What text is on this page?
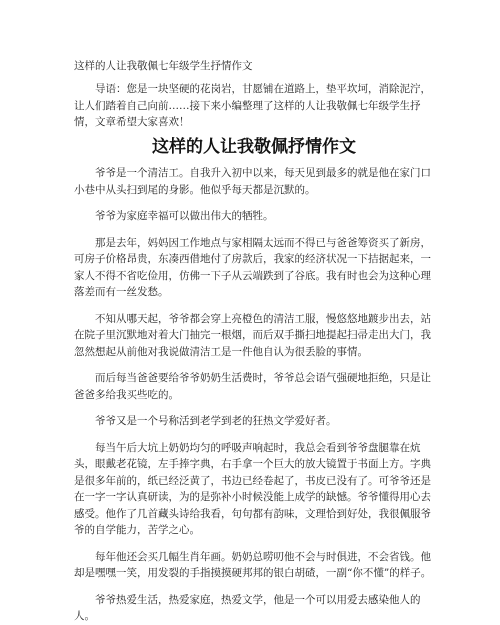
这样的人让我敬佩七年级学生抒情作文

导语：您是一块坚硬的花岗岩，甘愿铺在道路上，垫平坎坷，消除泥泞，让人们踏着自己向前……接下来小编整理了这样的人让我敬佩七年级学生抒情，文章希望大家喜欢！

这样的人让我敬佩抒情作文

爷爷是一个清洁工。自我升入初中以来，每天见到最多的就是他在家门口小巷中从头扫到尾的身影。他似乎每天都是沉默的。

爷爷为家庭幸福可以做出伟大的牺牲。

那是去年，妈妈因工作地点与家相隔太远而不得已与爸爸筹资买了新房，可房子价格昂贵，东凑西借地付了房款后，我家的经济状况一下拮据起来，一家人不得不省吃俭用，仿佛一下子从云端跌到了谷底。我有时也会为这种心理落差而有一丝发愁。

不知从哪天起，爷爷都会穿上亮橙色的清洁工服，慢悠悠地踱步出去，站在院子里沉默地对着大门抽完一根烟，而后双手撕扫地提起扫帚走出大门，我忽然想起从前他对我说做清洁工是一件他自认为很丢脸的事情。

而后每当爸爸要给爷爷奶奶生活费时，爷爷总会语气强硬地拒绝，只是让爸爸多给我买些吃的。

爷爷又是一个号称活到老学到老的狂热文学爱好者。

每当午后大坑上奶奶均匀的呼吸声响起时，我总会看到爷爷盘腿靠在炕头，眼戴老花镜，左手捧字典，右手拿一个巨大的放大镜置于书面上方。字典是很多年前的，纸已经泛黄了，书边已经卷起了，书皮已没有了。可爷爷还是在一字一字认真研读，为的是弥补小时候没能上成学的缺憾。爷爷懂得用心去感受。他作了几首藏头诗给我看，句句都有韵味，文理恰到好处，我很佩服爷爷的自学能力，苦学之心。

每年他还会买几幅生肖年画。奶奶总唠叨他不会与时俱进，不会省钱。他却是嘿嘿一笑，用发裂的手指摸摸硬邦邦的银白胡碴，一副“你不懂”的样子。

爷爷热爱生活，热爱家庭，热爱文学，他是一个可以用爱去感染他人的人。
